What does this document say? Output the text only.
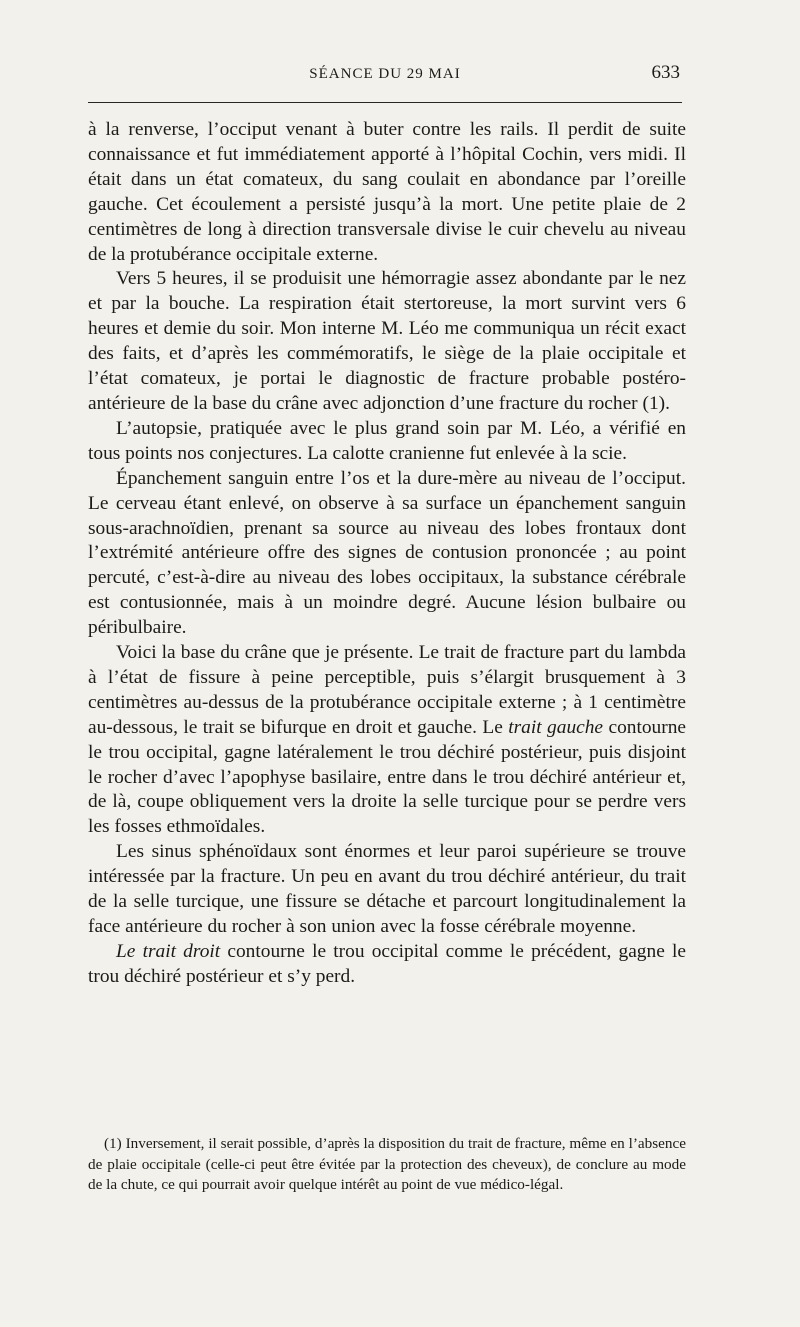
SÉANCE DU 29 MAI	633

à la renverse, l’occiput venant à buter contre les rails. Il perdit de suite connaissance et fut immédiatement apporté à l’hôpital Cochin, vers midi. Il était dans un état comateux, du sang coulait en abondance par l’oreille gauche. Cet écoulement a persisté jusqu’à la mort. Une petite plaie de 2 centimètres de long à direction transversale divise le cuir chevelu au niveau de la protubérance occipitale externe.

Vers 5 heures, il se produisit une hémorragie assez abondante par le nez et par la bouche. La respiration était stertoreuse, la mort survint vers 6 heures et demie du soir. Mon interne M. Léo me communiqua un récit exact des faits, et d’après les commémoratifs, le siège de la plaie occipitale et l’état comateux, je portai le diagnostic de fracture probable postéro-antérieure de la base du crâne avec adjonction d’une fracture du rocher (1).

L’autopsie, pratiquée avec le plus grand soin par M. Léo, a vérifié en tous points nos conjectures. La calotte cranienne fut enlevée à la scie.

Épanchement sanguin entre l’os et la dure-mère au niveau de l’occiput. Le cerveau étant enlevé, on observe à sa surface un épanchement sanguin sous-arachnoïdien, prenant sa source au niveau des lobes frontaux dont l’extrémité antérieure offre des signes de contusion prononcée ; au point percuté, c’est-à-dire au niveau des lobes occipitaux, la substance cérébrale est contusionnée, mais à un moindre degré. Aucune lésion bulbaire ou péribulbaire.

Voici la base du crâne que je présente. Le trait de fracture part du lambda à l’état de fissure à peine perceptible, puis s’élargit brusquement à 3 centimètres au-dessus de la protubérance occipitale externe ; à 1 centimètre au-dessous, le trait se bifurque en droit et gauche. Le trait gauche contourne le trou occipital, gagne latéralement le trou déchiré postérieur, puis disjoint le rocher d’avec l’apophyse basilaire, entre dans le trou déchiré antérieur et, de là, coupe obliquement vers la droite la selle turcique pour se perdre vers les fosses ethmoïdales.

Les sinus sphénoïdaux sont énormes et leur paroi supérieure se trouve intéressée par la fracture. Un peu en avant du trou déchiré antérieur, du trait de la selle turcique, une fissure se détache et parcourt longitudinalement la face antérieure du rocher à son union avec la fosse cérébrale moyenne.

Le trait droit contourne le trou occipital comme le précédent, gagne le trou déchiré postérieur et s’y perd.

(1) Inversement, il serait possible, d’après la disposition du trait de fracture, même en l’absence de plaie occipitale (celle-ci peut être évitée par la protection des cheveux), de conclure au mode de la chute, ce qui pourrait avoir quelque intérêt au point de vue médico-légal.
